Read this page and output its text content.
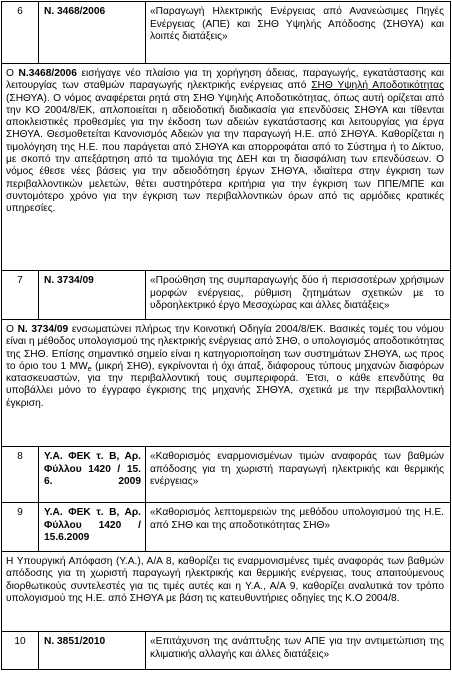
6	Ν. 3468/2006	«Παραγωγή Ηλεκτρικής Ενέργειας από Ανανεώσιμες Πηγές Ενέργειας (ΑΠΕ) και ΣΗΘ Υψηλής Απόδοσης (ΣΗΘΥΑ) και λοιπές διατάξεις»
Ο Ν.3468/2006 εισήγαγε νέο πλαίσιο για τη χορήγηση άδειας, παραγωγής, εγκατάστασης και λειτουργίας των σταθμών παραγωγής ηλεκτρικής ενέργειας από ΣΗΘ Υψηλή Αποδοτικότητας (ΣΗΘΥΑ). Ο νόμος αναφέρεται ρητά στη ΣΗΘ Υψηλής Αποδοτικότητας, όπως αυτή ορίζεται από την ΚΟ 2004/8/ΕΚ, απλοποιείται η αδειοδοτική διαδικασία για επενδύσεις ΣΗΘΥΑ και τίθενται αποκλειστικές προθεσμίες για την έκδοση των αδειών εγκατάστασης και λειτουργίας για έργα ΣΗΘΥΑ. Θεσμοθετείται Κανονισμός Αδειών για την παραγωγή Η.Ε. από ΣΗΘΥΑ. Καθορίζεται η τιμολόγηση της Η.Ε. που παράγεται από ΣΗΘΥΑ και απορροφάται από το Σύστημα ή το Δίκτυο, με σκοπό την απεξάρτηση από τα τιμολόγια της ΔΕΗ και τη διασφάλιση των επενδύσεων. Ο νόμος έθεσε νέες βάσεις για την αδειοδότηση έργων ΣΗΘΥΑ, ιδιαίτερα στην έγκριση των περιβαλλοντικών μελετών, θέτει αυστηρότερα κριτήρια για την έγκριση των ΠΠΕ/ΜΠΕ και συντομότερο χρόνο για την έγκριση των περιβαλλοντικών όρων από τις αρμόδιες κρατικές υπηρεσίες.		
7	Ν. 3734/09	«Προώθηση της συμπαραγωγής δύο ή περισσοτέρων χρήσιμων μορφών ενέργειας, ρύθμιση ζητημάτων σχετικών με το υδροηλεκτρικό έργο Μεσοχώρας και άλλες διατάξεις»
Ο Ν. 3734/09 ενσωματώνει πλήρως την Κοινοτική Οδηγία 2004/8/ΕΚ. Βασικές τομές του νόμου είναι η μέθοδος υπολογισμού της ηλεκτρικής ενέργειας από ΣΗΘ, ο υπολογισμός αποδοτικότητας της ΣΗΘ. Επίσης σημαντικό σημείο είναι η κατηγοριοποίηση των συστημάτων ΣΗΘΥΑ, ως προς το όριο του 1 $MW_e$ (μικρή ΣΗΘ), εγκρίνονται ή όχι άπαξ, διάφορους τύπους μηχανών διαφόρων κατασκευαστών, για την περιβαλλοντική τους συμπεριφορά. Έτσι, ο κάθε επενδύτης θα υποβάλλει μόνο το έγγραφο έγκρισης της μηχανής ΣΗΘΥΑ, σχετικά με την περιβαλλοντική έγκριση.		
8	Υ.Α. ΦΕΚ τ. Β, Αρ. Φύλλου 1420 / 15. 6. 2009	«Καθορισμός εναρμονισμένων τιμών αναφοράς των βαθμών απόδοσης για τη χωριστή παραγωγή ηλεκτρικής και θερμικής ενέργειας»
9	Υ.Α. ΦΕΚ τ. Β, Αρ. Φύλλου 1420 / 15.6.2009	«Καθορισμός λεπτομερειών της μεθόδου υπολογισμού της Η.Ε. από ΣΗΘ και της αποδοτικότητας ΣΗΘ»
Η Υπουργική Απόφαση (Υ.Α.), Α/Α 8, καθορίζει τις εναρμονισμένες τιμές αναφοράς των βαθμών απόδοσης για τη χωριστή παραγωγή ηλεκτρικής και θερμικής ενέργειας, τους απαιτούμενους διορθωτικούς συντελεστές για τις τιμές αυτές και η Υ.Α., Α/Α 9, καθορίζει αναλυτικά τον τρόπο υπολογισμού της Η.Ε. από ΣΗΘΥΑ με βάση τις κατευθυντήριες οδηγίες της Κ.Ο 2004/8.		
10	Ν. 3851/2010	«Επιτάχυνση της ανάπτυξης των ΑΠΕ για την αντιμετώπιση της κλιματικής αλλαγής και άλλες διατάξεις»
